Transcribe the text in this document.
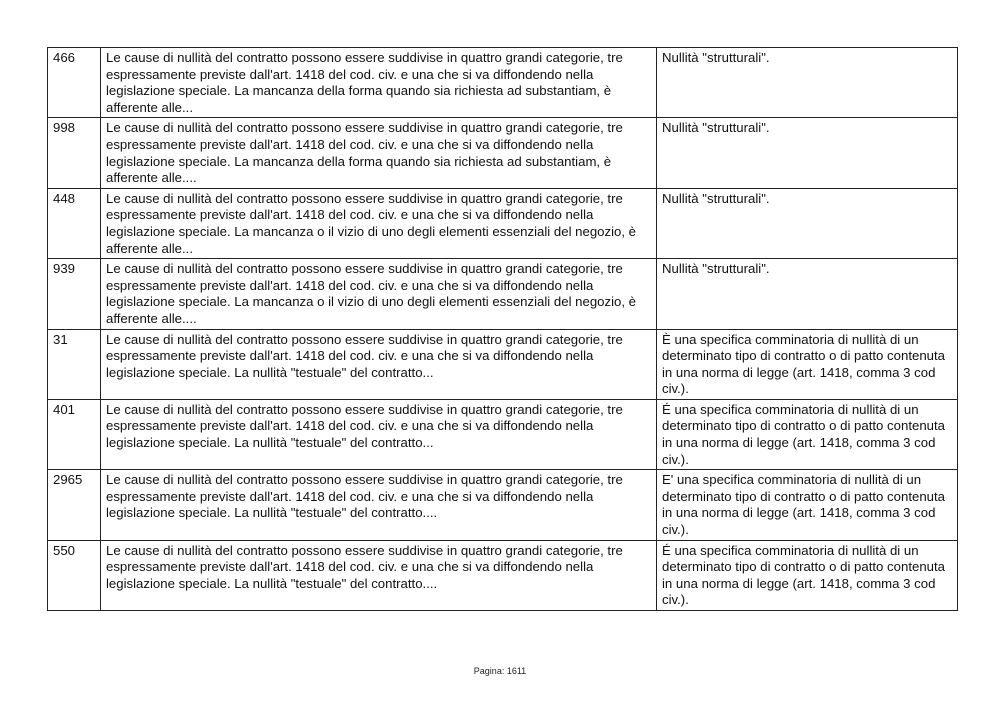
466	Le cause di nullità del contratto possono essere suddivise in quattro grandi categorie, tre espressamente previste dall'art. 1418 del cod. civ. e una che si va diffondendo nella legislazione speciale. La mancanza della forma quando sia richiesta ad substantiam, è afferente alle...	Nullità "strutturali".
998	Le cause di nullità del contratto possono essere suddivise in quattro grandi categorie, tre espressamente previste dall'art. 1418 del cod. civ. e una che si va diffondendo nella legislazione speciale. La mancanza della forma quando sia richiesta ad substantiam, è afferente alle....	Nullità "strutturali".
448	Le cause di nullità del contratto possono essere suddivise in quattro grandi categorie, tre espressamente previste dall'art. 1418 del cod. civ. e una che si va diffondendo nella legislazione speciale. La mancanza o il vizio di uno degli elementi essenziali del negozio, è afferente alle...	Nullità "strutturali".
939	Le cause di nullità del contratto possono essere suddivise in quattro grandi categorie, tre espressamente previste dall'art. 1418 del cod. civ. e una che si va diffondendo nella legislazione speciale. La mancanza o il vizio di uno degli elementi essenziali del negozio, è afferente alle....	Nullità "strutturali".
31	Le cause di nullità del contratto possono essere suddivise in quattro grandi categorie, tre espressamente previste dall'art. 1418 del cod. civ. e una che si va diffondendo nella legislazione speciale. La nullità "testuale" del contratto...	È una specifica comminatoria di nullità di un determinato tipo di contratto o di patto contenuta in una norma di legge (art. 1418, comma 3 cod civ.).
401	Le cause di nullità del contratto possono essere suddivise in quattro grandi categorie, tre espressamente previste dall'art. 1418 del cod. civ. e una che si va diffondendo nella legislazione speciale. La nullità "testuale" del contratto...	É una specifica comminatoria di nullità di un determinato tipo di contratto o di patto contenuta in una norma di legge (art. 1418, comma 3 cod civ.).
2965	Le cause di nullità del contratto possono essere suddivise in quattro grandi categorie, tre espressamente previste dall'art. 1418 del cod. civ. e una che si va diffondendo nella legislazione speciale. La nullità "testuale" del contratto....	E' una specifica comminatoria di nullità di un determinato tipo di contratto o di patto contenuta in una norma di legge (art. 1418, comma 3 cod civ.).
550	Le cause di nullità del contratto possono essere suddivise in quattro grandi categorie, tre espressamente previste dall'art. 1418 del cod. civ. e una che si va diffondendo nella legislazione speciale. La nullità "testuale" del contratto....	É una specifica comminatoria di nullità di un determinato tipo di contratto o di patto contenuta in una norma di legge (art. 1418, comma 3 cod civ.).
Pagina: 1611
